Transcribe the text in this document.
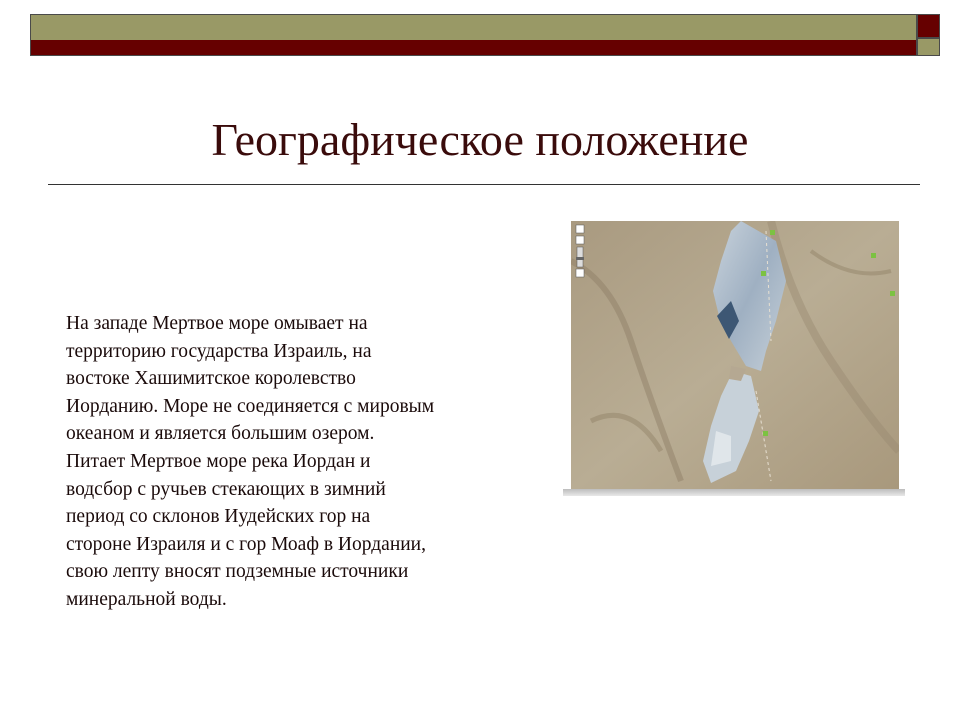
Географическое положение
На западе Мертвое море омывает на
территорию государства Израиль, на
востоке Хашимитское королевство
Иорданию. Море не соединяется с мировым
океаном и является большим озером.
Питает Мертвое море река Иордан и
водсбор с ручьев стекающих в зимний
период со склонов Иудейских гор на
стороне Израиля и с гор Моаф в Иордании,
свою лепту вносят подземные источники
минеральной воды.
